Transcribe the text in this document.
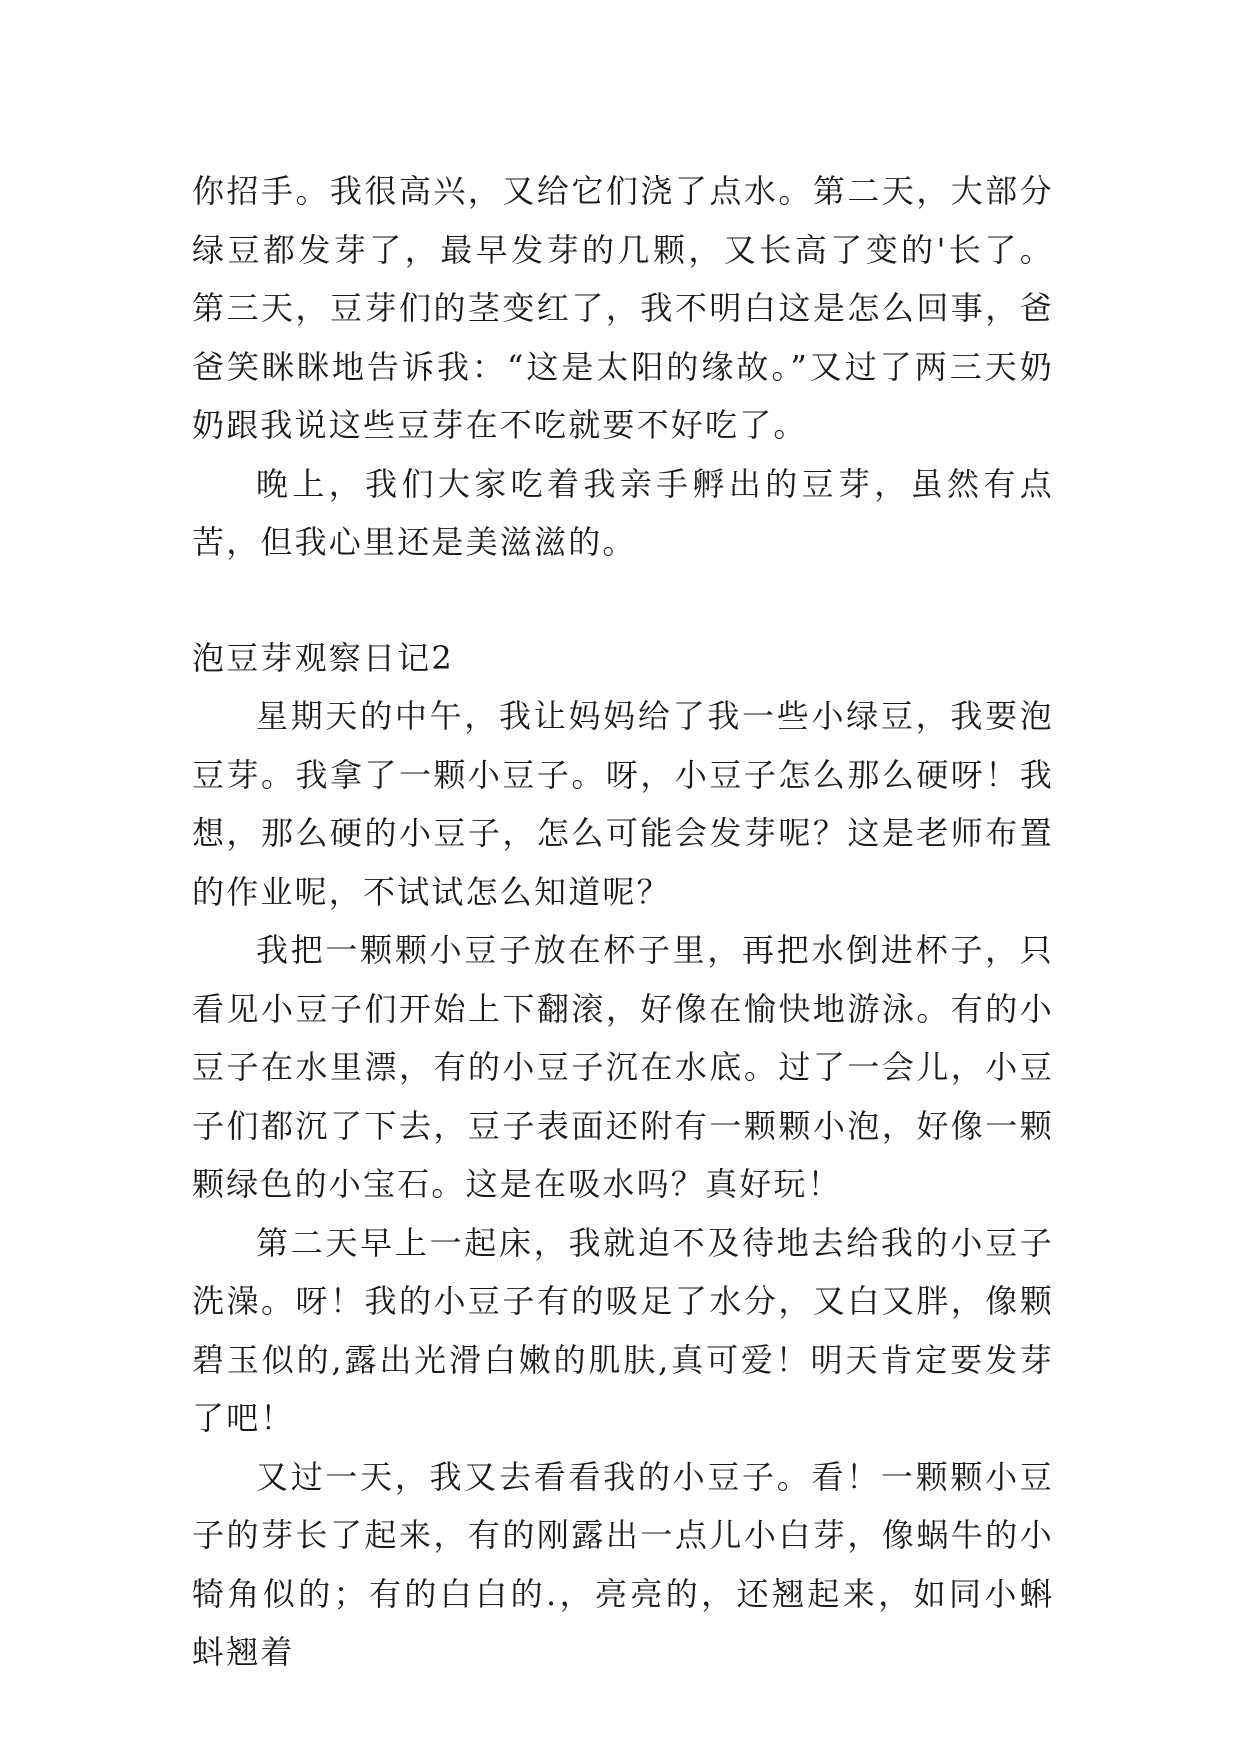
你招手。我很高兴，又给它们浇了点水。第二天，大部分绿豆都发芽了，最早发芽的几颗，又长高了变的'长了。第三天，豆芽们的茎变红了，我不明白这是怎么回事，爸爸笑眯眯地告诉我：“这是太阳的缘故。”又过了两三天奶奶跟我说这些豆芽在不吃就要不好吃了。

晚上，我们大家吃着我亲手孵出的豆芽，虽然有点苦，但我心里还是美滋滋的。

泡豆芽观察日记2

星期天的中午，我让妈妈给了我一些小绿豆，我要泡豆芽。我拿了一颗小豆子。呀，小豆子怎么那么硬呀！我想，那么硬的小豆子，怎么可能会发芽呢？这是老师布置的作业呢，不试试怎么知道呢？

我把一颗颗小豆子放在杯子里，再把水倒进杯子，只看见小豆子们开始上下翻滚，好像在愉快地游泳。有的小豆子在水里漂，有的小豆子沉在水底。过了一会儿，小豆子们都沉了下去，豆子表面还附有一颗颗小泡，好像一颗颗绿色的小宝石。这是在吸水吗？真好玩！

第二天早上一起床，我就迫不及待地去给我的小豆子洗澡。呀！我的小豆子有的吸足了水分，又白又胖，像颗碧玉似的,露出光滑白嫩的肌肤,真可爱！明天肯定要发芽了吧！

又过一天，我又去看看我的小豆子。看！一颗颗小豆子的芽长了起来，有的刚露出一点儿小白芽，像蜗牛的小犄角似的；有的白白的.，亮亮的，还翘起来，如同小蝌蚪翘着
